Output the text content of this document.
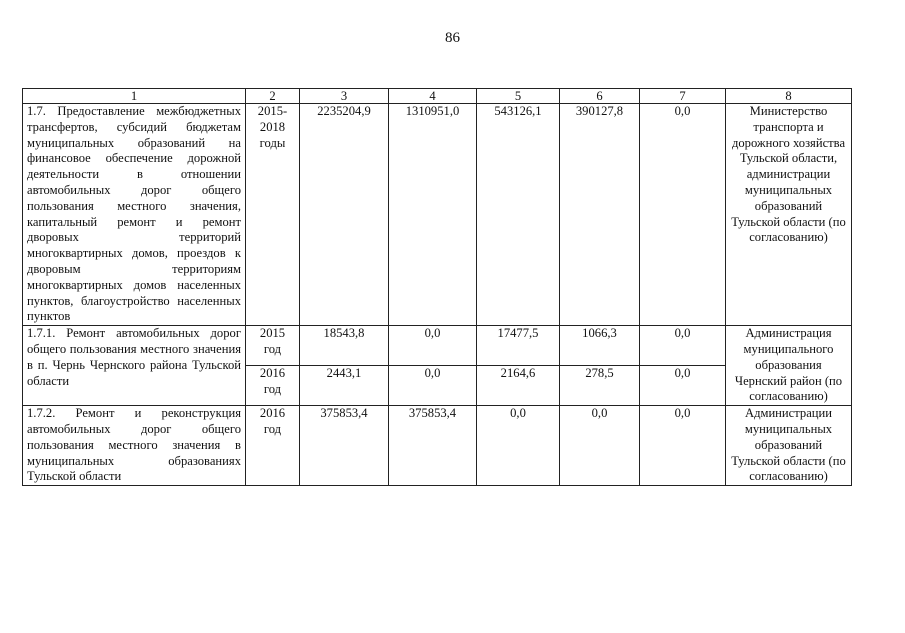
86
1	2	3	4	5	6	7	8
1.7. Предоставление межбюджетных трансфертов, субсидий бюджетам муниципальных образований на финансовое обеспечение дорожной деятельности в отношении автомобильных дорог общего пользования местного значения, капитальный ремонт и ремонт дворовых территорий многоквартирных домов, проездов к дворовым территориям многоквартирных домов населенных пунктов, благоустройство населенных пунктов	2015-2018 годы	2235204,9	1310951,0	543126,1	390127,8	0,0	Министерство транспорта и дорожного хозяйства Тульской области, администрации муниципальных образований Тульской области (по согласованию)
1.7.1. Ремонт автомобильных дорог общего пользования местного значения в п. Чернь Чернского района Тульской области	2015 год	18543,8	0,0	17477,5	1066,3	0,0	Администрация муниципального образования Чернский район (по согласованию)
	2016 год	2443,1	0,0	2164,6	278,5	0,0	
1.7.2. Ремонт и реконструкция автомобильных дорог общего пользования местного значения в муниципальных образованиях Тульской области	2016 год	375853,4	375853,4	0,0	0,0	0,0	Администрации муниципальных образований Тульской области (по согласованию)
